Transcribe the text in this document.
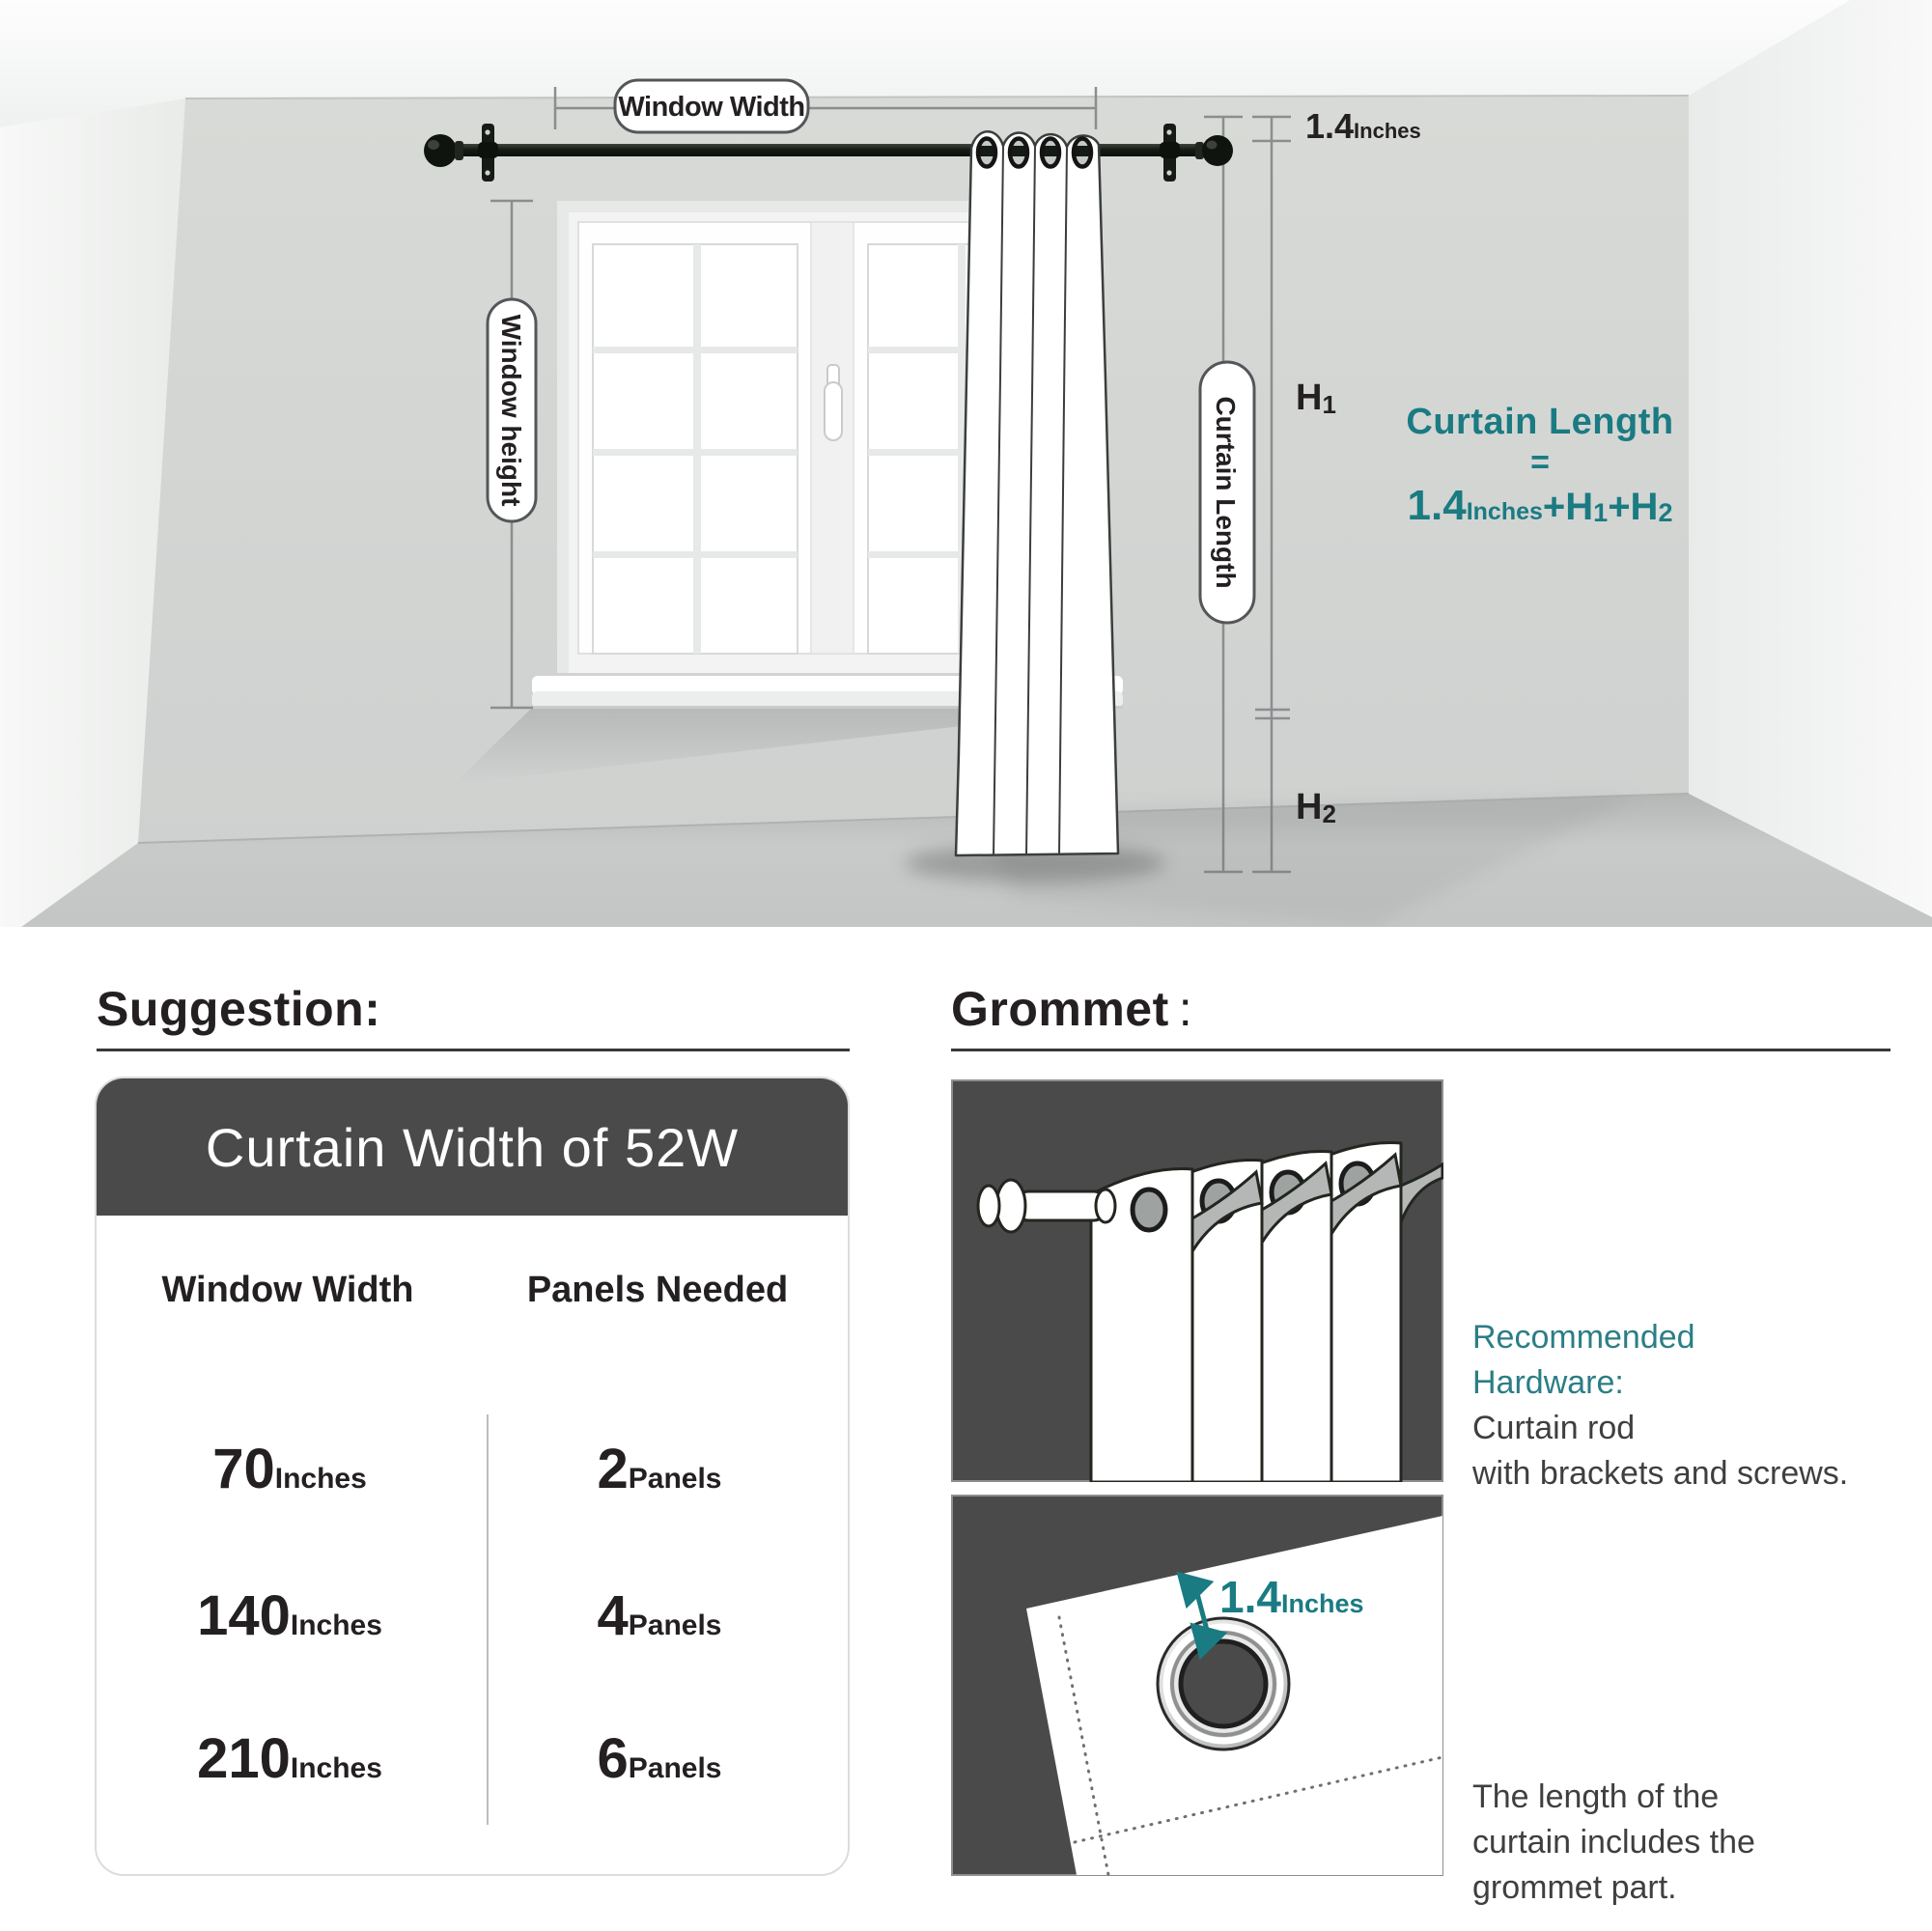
Window Width
Window height	Curtain Length
1.4Inches
H1
H2
Curtain Length
=
1.4Inches+H1+H2
Suggestion:
Curtain Width of 52W
Window Width	Panels Needed
70Inches	2Panels
140Inches	4Panels
210Inches	6Panels
Grommet :
Recommended
Hardware:
Curtain rod
with brackets and screws.
1.4Inches
The length of the
curtain includes the
grommet part.
